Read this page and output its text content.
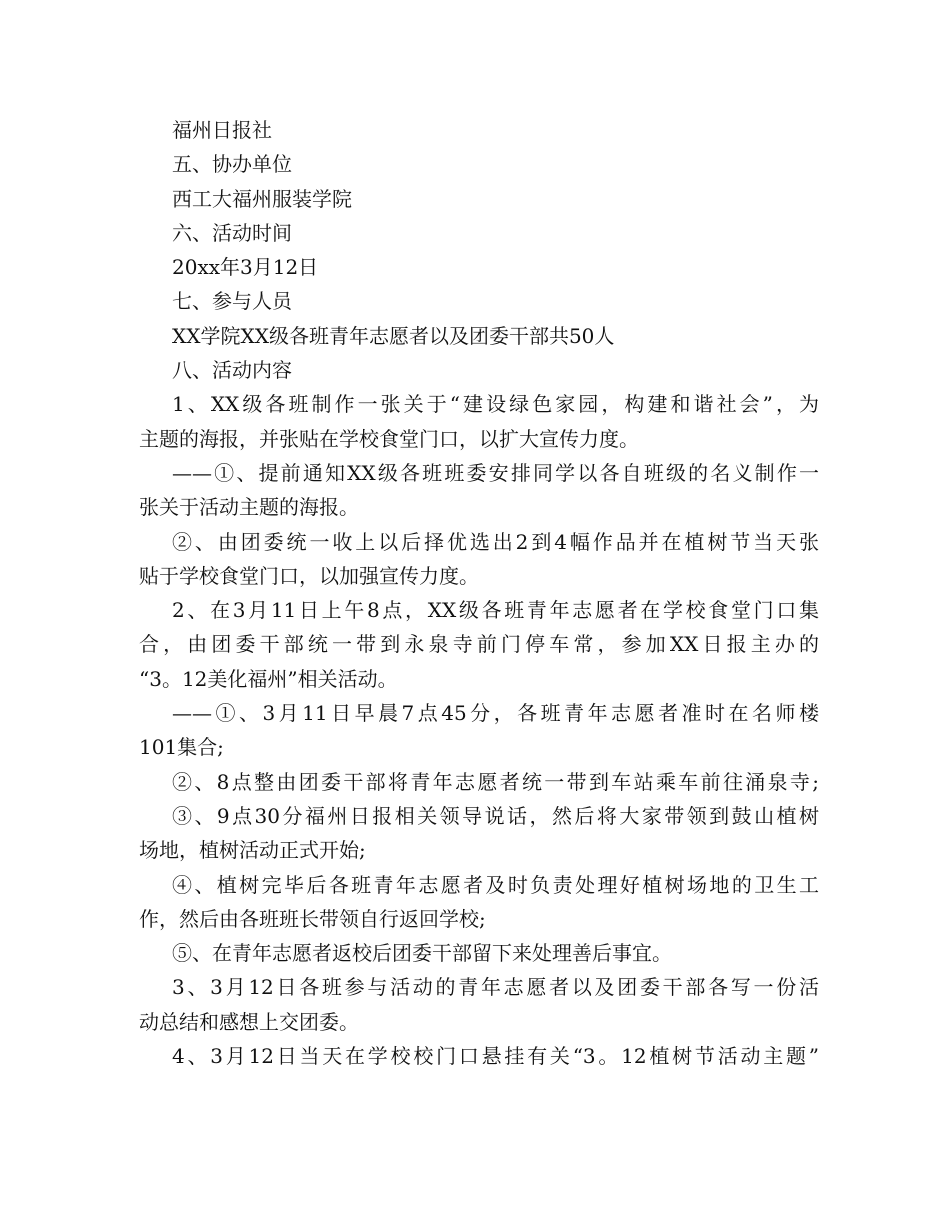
福州日报社
五、协办单位
西工大福州服装学院
六、活动时间
20xx年3月12日
七、参与人员
XX学院XX级各班青年志愿者以及团委干部共50人
八、活动内容
1、XX级各班制作一张关于“建设绿色家园，构建和谐社会”，为
主题的海报，并张贴在学校食堂门口，以扩大宣传力度。
——①、提前通知XX级各班班委安排同学以各自班级的名义制作一
张关于活动主题的海报。
②、由团委统一收上以后择优选出2到4幅作品并在植树节当天张
贴于学校食堂门口，以加强宣传力度。
2、在3月11日上午8点，XX级各班青年志愿者在学校食堂门口集
合，由团委干部统一带到永泉寺前门停车常，参加XX日报主办的
“3。12美化福州”相关活动。
——①、3月11日早晨7点45分，各班青年志愿者准时在名师楼
101集合;
②、8点整由团委干部将青年志愿者统一带到车站乘车前往涌泉寺;
③、9点30分福州日报相关领导说话，然后将大家带领到鼓山植树
场地，植树活动正式开始;
④、植树完毕后各班青年志愿者及时负责处理好植树场地的卫生工
作，然后由各班班长带领自行返回学校;
⑤、在青年志愿者返校后团委干部留下来处理善后事宜。
3、3月12日各班参与活动的青年志愿者以及团委干部各写一份活
动总结和感想上交团委。
4、3月12日当天在学校校门口悬挂有关“3。12植树节活动主题”
